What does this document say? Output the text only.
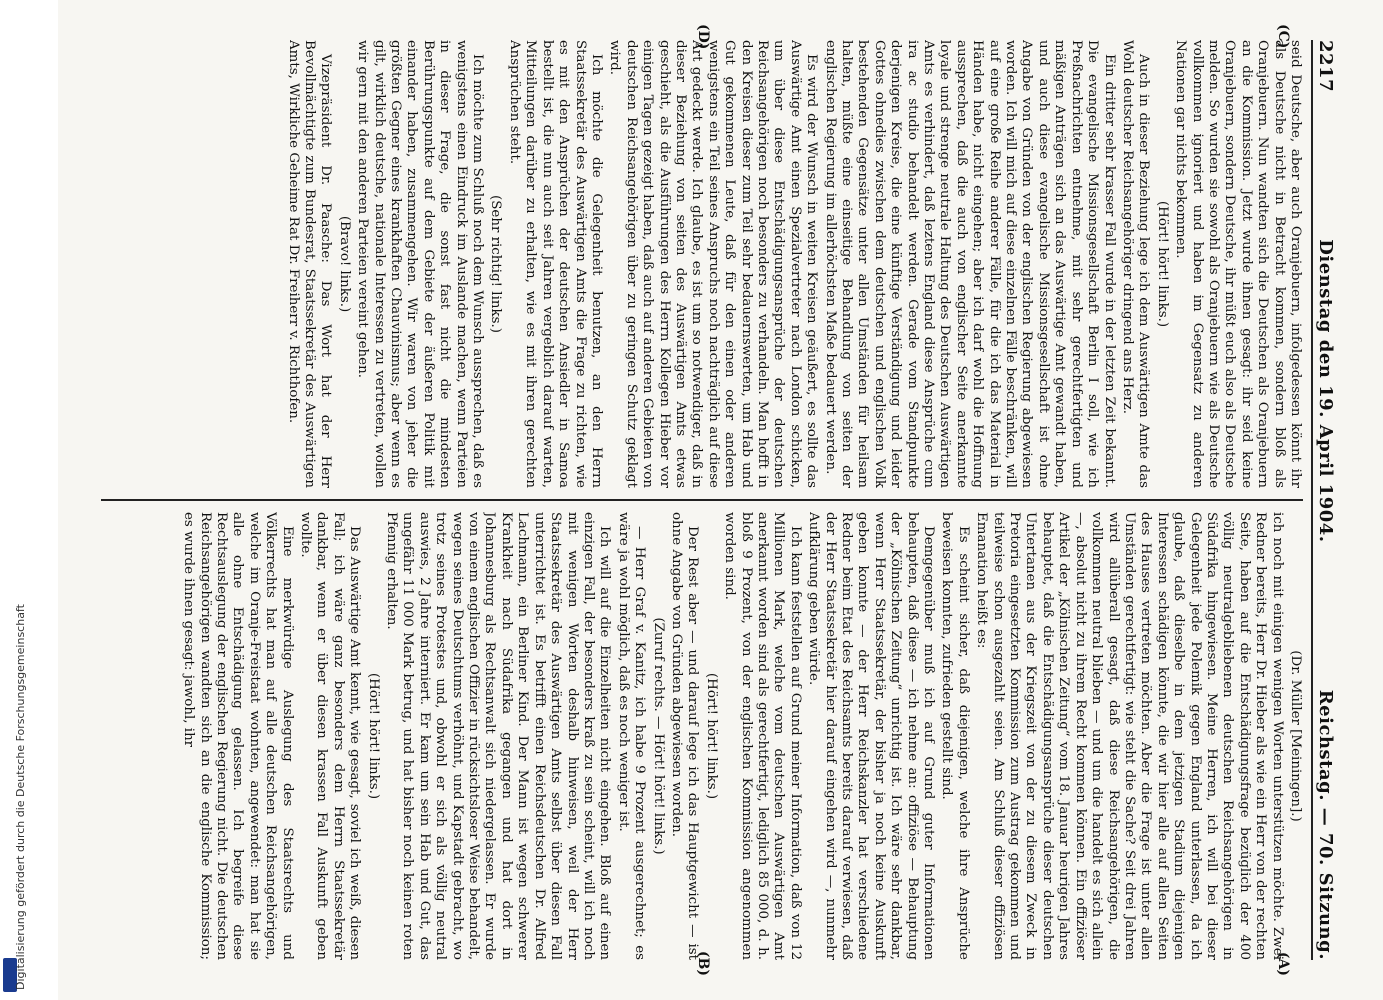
Digitalisierung gefördert durch die Deutsche Forschungsgemeinschaft
2217
Dienstag den 19. April 1904.
Reichstag. — 70. Sitzung.

seid Deutsche, aber auch Oranjebuern, infolgedessen könnt ihr als Deutsche nicht in Betracht kommen, sondern bloß als Oranjebuern. Nun wandten sich die Deutschen als Oranjebuern an die Kommission. Jetzt wurde ihnen gesagt: ihr seid keine Oranjebuern, sondern Deutsche, ihr müßt euch also als Deutsche melden. So wurden sie sowohl als Oranjebuern wie als Deutsche vollkommen ignoriert und haben im Gegensatz zu anderen Nationen gar nichts bekommen.

(Hört! hört! links.)

Auch in dieser Beziehung lege ich dem Auswärtigen Amte das Wohl deutscher Reichsangehöriger dringend ans Herz.

Ein dritter sehr krasser Fall wurde in der letzten Zeit bekannt. Die evangelische Missionsgesellschaft Berlin I soll, wie ich Preßnachrichten entnehme, mit sehr gerechtfertigten und mäßigen Anträgen sich an das Auswärtige Amt gewandt haben, und auch diese evangelische Missionsgesellschaft ist ohne Angabe von Gründen von der englischen Regierung abgewiesen worden. Ich will mich auf diese einzelnen Fälle beschränken, will auf eine große Reihe anderer Fälle, für die ich das Material in Händen habe, nicht eingehen; aber ich darf wohl die Hoffnung aussprechen, daß die auch von englischer Seite anerkannte loyale und strenge neutrale Haltung des Deutschen Auswärtigen Amts es verhindert, daß leztens England diese Ansprüche cum ira ac studio behandelt werden. Gerade vom Standpunkte derjenigen Kreise, die eine künftige Verständigung und leider Gottes ohnedies zwischen dem deutschen und englischen Volk bestehenden Gegensätze unter allen Umständen für heilsam halten, müßte eine einseitige Behandlung von seiten der englischen Regierung im allerhöchsten Maße bedauert werden.

Es wird der Wunsch in weiten Kreisen geäußert, es sollte das Auswärtige Amt einen Spezialvertreter nach London schicken, um über diese Entschädigungsansprüche der deutschen Reichsangehörigen noch besonders zu verhandeln. Man hofft in den Kreisen dieser zum Teil sehr bedauernswerten, um Hab und Gut gekommenen Leute, daß für den einen oder anderen wenigstens ein Teil seines Anspruchs noch nachträglich auf diese Art gedeckt werde. Ich glaube, es ist um so notwendiger, daß in dieser Beziehung von seiten des Auswärtigen Amts etwas geschieht, als die Ausführungen des Herrn Kollegen Hieber vor einigen Tagen gezeigt haben, daß auch auf anderen Gebieten von deutschen Reichsangehörigen über zu geringen Schutz geklagt wird.

Ich möchte die Gelegenheit benutzen, an den Herrn Staatssekretär des Auswärtigen Amts die Frage zu richten, wie es mit den Ansprüchen der deutschen Ansiedler in Samoa bestellt ist, die nun auch seit Jahren vergeblich darauf warten, Mitteilungen darüber zu erhalten, wie es mit ihren gerechten Ansprüchen steht.

(Sehr richtig! links.)

Ich möchte zum Schluß noch dem Wunsch aussprechen, daß es wenigstens einen Eindruck im Auslande machen, wenn Parteien in dieser Frage, die sonst fast nicht die mindesten Berührungspunkte auf dem Gebiete der äußeren Politik mit einander haben, zusammengehen. Wir waren von jeher die größten Gegner eines krankhaften Chauvinismus; aber wenn es gilt, wirklich deutsche, nationale Interessen zu vertreten, wollen wir gern mit den anderen Parteien vereint gehen.

(Bravo! links.)

Vizepräsident Dr. Paasche: Das Wort hat der Herr Bevollmächtigte zum Bundesrat, Staatssekretär des Auswärtigen Amts, Wirkliche Geheime Rat Dr. Freiherr v. Richthofen.

(Dr. Müller [Meiningen].)

ich noch mit einigen wenigen Worten unterstützen möchte. Zwei Redner bereits, Herr Dr. Hieber als wie ein Herr von der rechten Seite, haben auf die Entschädigungsfrage bezüglich der 400 völlig neutralgebliebenen deutschen Reichsangehörigen in Südafrika hingewiesen. Meine Herren, ich will bei dieser Gelegenheit jede Polemik gegen England unterlassen, da ich glaube, daß dieselbe in dem jetzigen Stadium diejenigen Interessen schädigen könnte, die wir hier alle auf allen Seiten des Hauses vertreten möchten. Aber die Frage ist unter allen Umständen gerechtfertigt: wie steht die Sache? Seit drei Jahren wird allüberall gesagt, daß diese Reichsangehörigen, die vollkommen neutral blieben — und um die handelt es sich allein —, absolut nicht zu ihrem Recht kommen können. Ein offiziöser Artikel der „Kölnischen Zeitung“ vom 18. Januar heurigen Jahres behauptet, daß die Entschädigungsansprüche dieser deutschen Untertanen aus der Kriegszeit von der zu diesem Zweck in Pretoria eingesetzten Kommission zum Austrag gekommen und teilweise schon ausgezahlt seien. Am Schluß dieser offiziösen Emanation heißt es:

Es scheint sicher, daß diejenigen, welche ihre Ansprüche beweisen konnten, zufrieden gestellt sind.

Demgegenüber muß ich auf Grund guter Informationen behaupten, daß diese — ich nehme an: offiziöse — Behauptung der „Kölnischen Zeitung“ unrichtig ist. Ich wäre sehr dankbar, wenn Herr Staatssekretär, der bisher ja noch keine Auskunft geben konnte — der Herr Reichskanzler hat verschiedene Redner beim Etat des Reichsamts bereits darauf verwiesen, daß der Herr Staatssekretär hier darauf eingehen wird —, nunmehr Aufklärung geben würde.

Ich kann feststellen auf Grund meiner Information, daß von 12 Millionen Mark, welche vom deutschen Auswärtigen Amt anerkannt worden sind als gerechtfertigt, lediglich 85 000, d. h. bloß 9 Prozent, von der englischen Kommission angenommen worden sind.

(Hört! hört! links.)

Der Rest aber — und darauf lege ich das Hauptgewicht — ist ohne Angabe von Gründen abgewiesen worden.

(Zuruf rechts. — Hört! hört! links.)

— Herr Graf v. Kanitz, ich habe 9 Prozent ausgerechnet; es wäre ja wohl möglich, daß es noch weniger ist.

Ich will auf die Einzelheiten nicht eingehen. Bloß auf einen einzigen Fall, der besonders kraß zu sein scheint, will ich noch mit wenigen Worten deshalb hinweisen, weil der Herr Staatssekretär des Auswärtigen Amts selbst über diesen Fall unterrichtet ist. Es betrifft einen Reichsdeutschen Dr. Alfred Lachmann, ein Berliner Kind. Der Mann ist wegen schwerer Krankheit nach Südafrika gegangen und hat dort in Johannesburg als Rechtsanwalt sich niedergelassen. Er wurde von einem englischen Offizier in rücksichtsloser Weise behandelt, wegen seines Deutschtums verhöhnt, und Kapstadt gebracht, wo trotz seines Protestes und, obwohl er sich als völlig neutral auswies, 2 Jahre interniert. Er kam um sein Hab und Gut, das ungefähr 11 000 Mark betrug, und hat bisher noch keinen roten Pfennig erhalten.

(Hört! hört! links.)

Das Auswärtige Amt kennt, wie gesagt, soviel ich weiß, diesen Fall; ich wäre ganz besonders dem Herrn Staatssekretär dankbar, wenn er über diesen krassen Fall Auskunft geben wollte.

Eine merkwürdige Auslegung des Staatsrechts und Völkerrechts hat man auf alle deutschen Reichsangehörigen, welche im Oranje-Freistaat wohnten, angewendet: man hat sie alle ohne Entschädigung gelassen. Ich begreife diese Rechtsauslegung der englischen Regierung nicht. Die deutschen Reichsangehörigen wandten sich an die englische Kommission; es wurde ihnen gesagt: jawohl, ihr

(C)
(D)
(A)
(B)
